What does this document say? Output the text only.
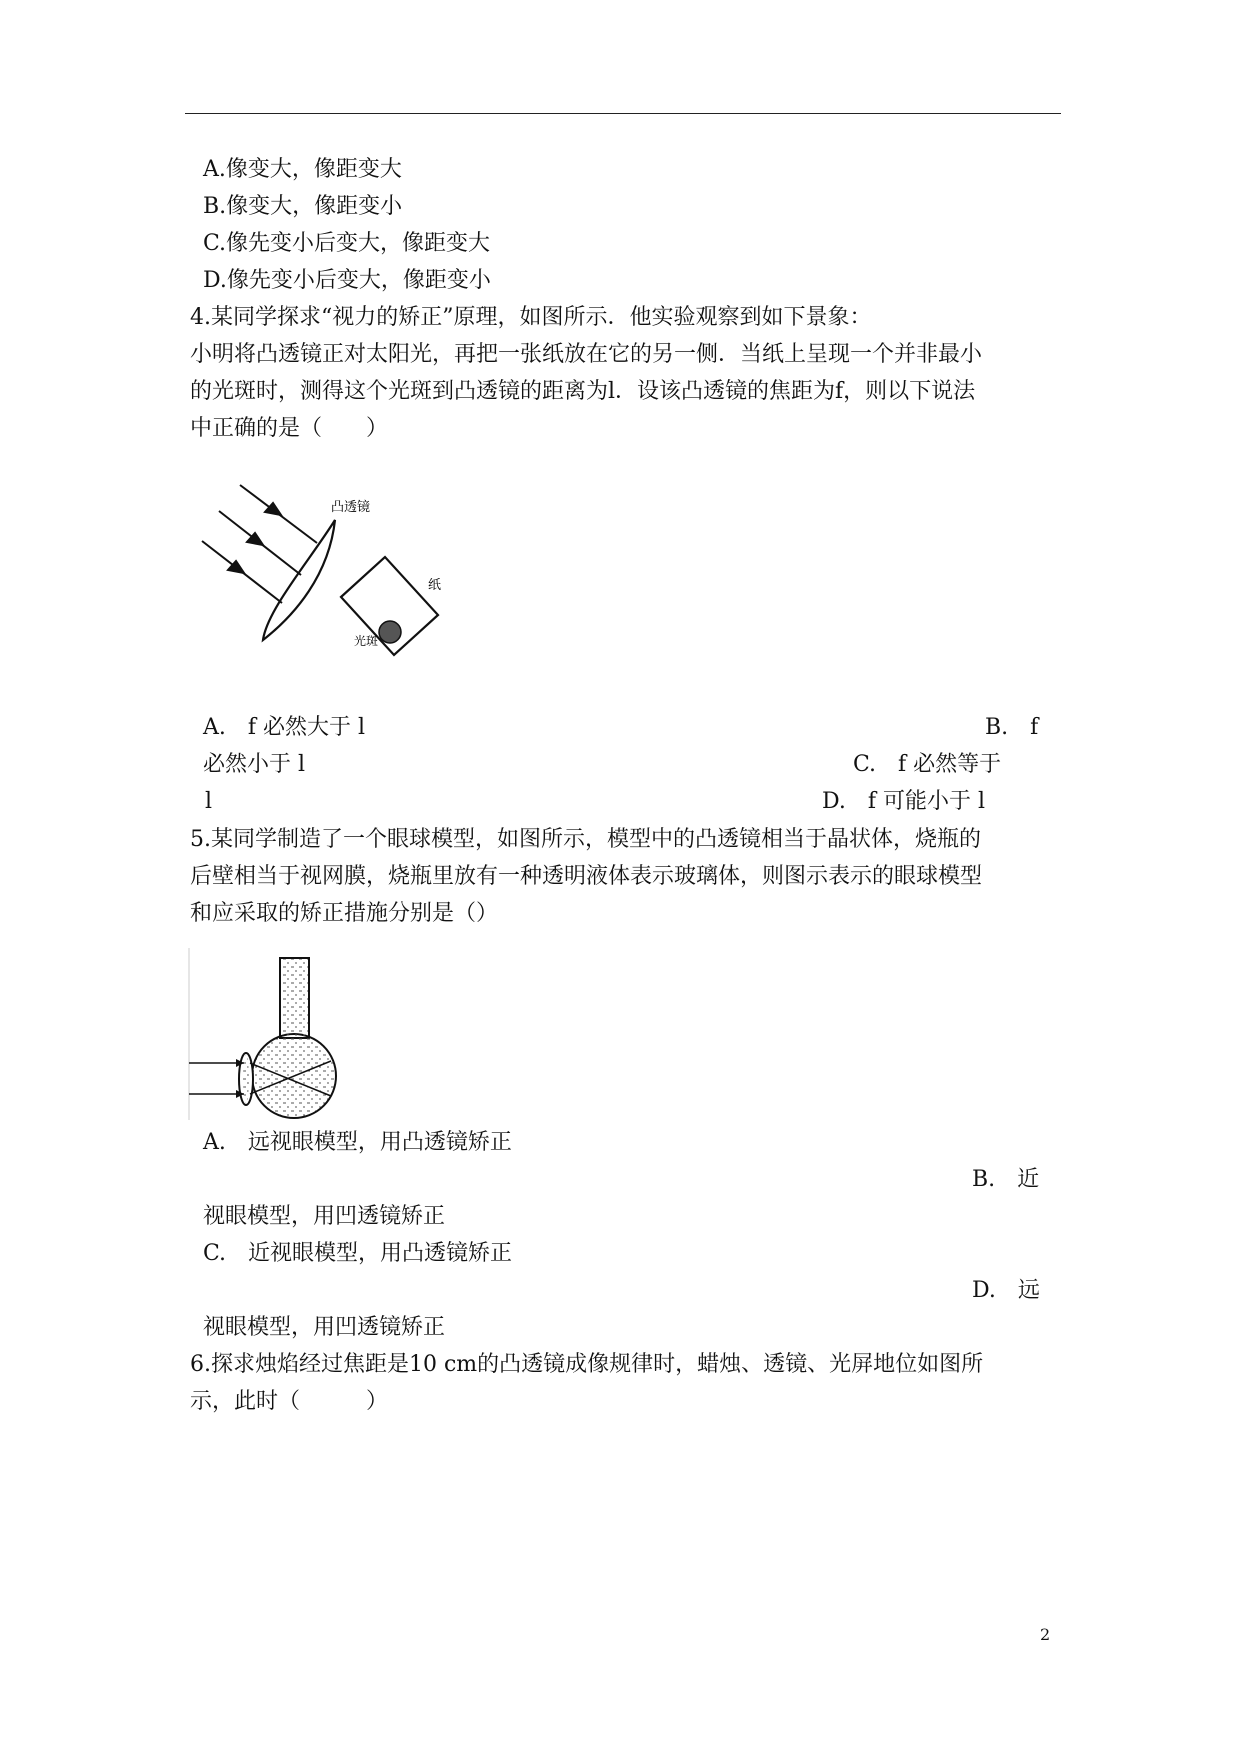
A.像变大，像距变大
B.像变大，像距变小
C.像先变小后变大，像距变大
D.像先变小后变大，像距变小
4.某同学探求“视力的矫正”原理，如图所示．他实验观察到如下景象：
小明将凸透镜正对太阳光，再把一张纸放在它的另一侧．当纸上呈现一个并非最小
的光斑时，测得这个光斑到凸透镜的距离为l．设该凸透镜的焦距为f，则以下说法
中正确的是（　　）
凸透镜
纸
光斑
A.　f 必然大于 l	B.　f
必然小于 l	C.　f 必然等于
l	D.　f 可能小于 l
5.某同学制造了一个眼球模型，如图所示，模型中的凸透镜相当于晶状体，烧瓶的
后壁相当于视网膜，烧瓶里放有一种透明液体表示玻璃体，则图示表示的眼球模型
和应采取的矫正措施分别是（）
A.　远视眼模型，用凸透镜矫正
B.　近
视眼模型，用凹透镜矫正
C.　近视眼模型，用凸透镜矫正
D.　远
视眼模型，用凹透镜矫正
6.探求烛焰经过焦距是10 cm的凸透镜成像规律时，蜡烛、透镜、光屏地位如图所
示，此时（　　　）
2
